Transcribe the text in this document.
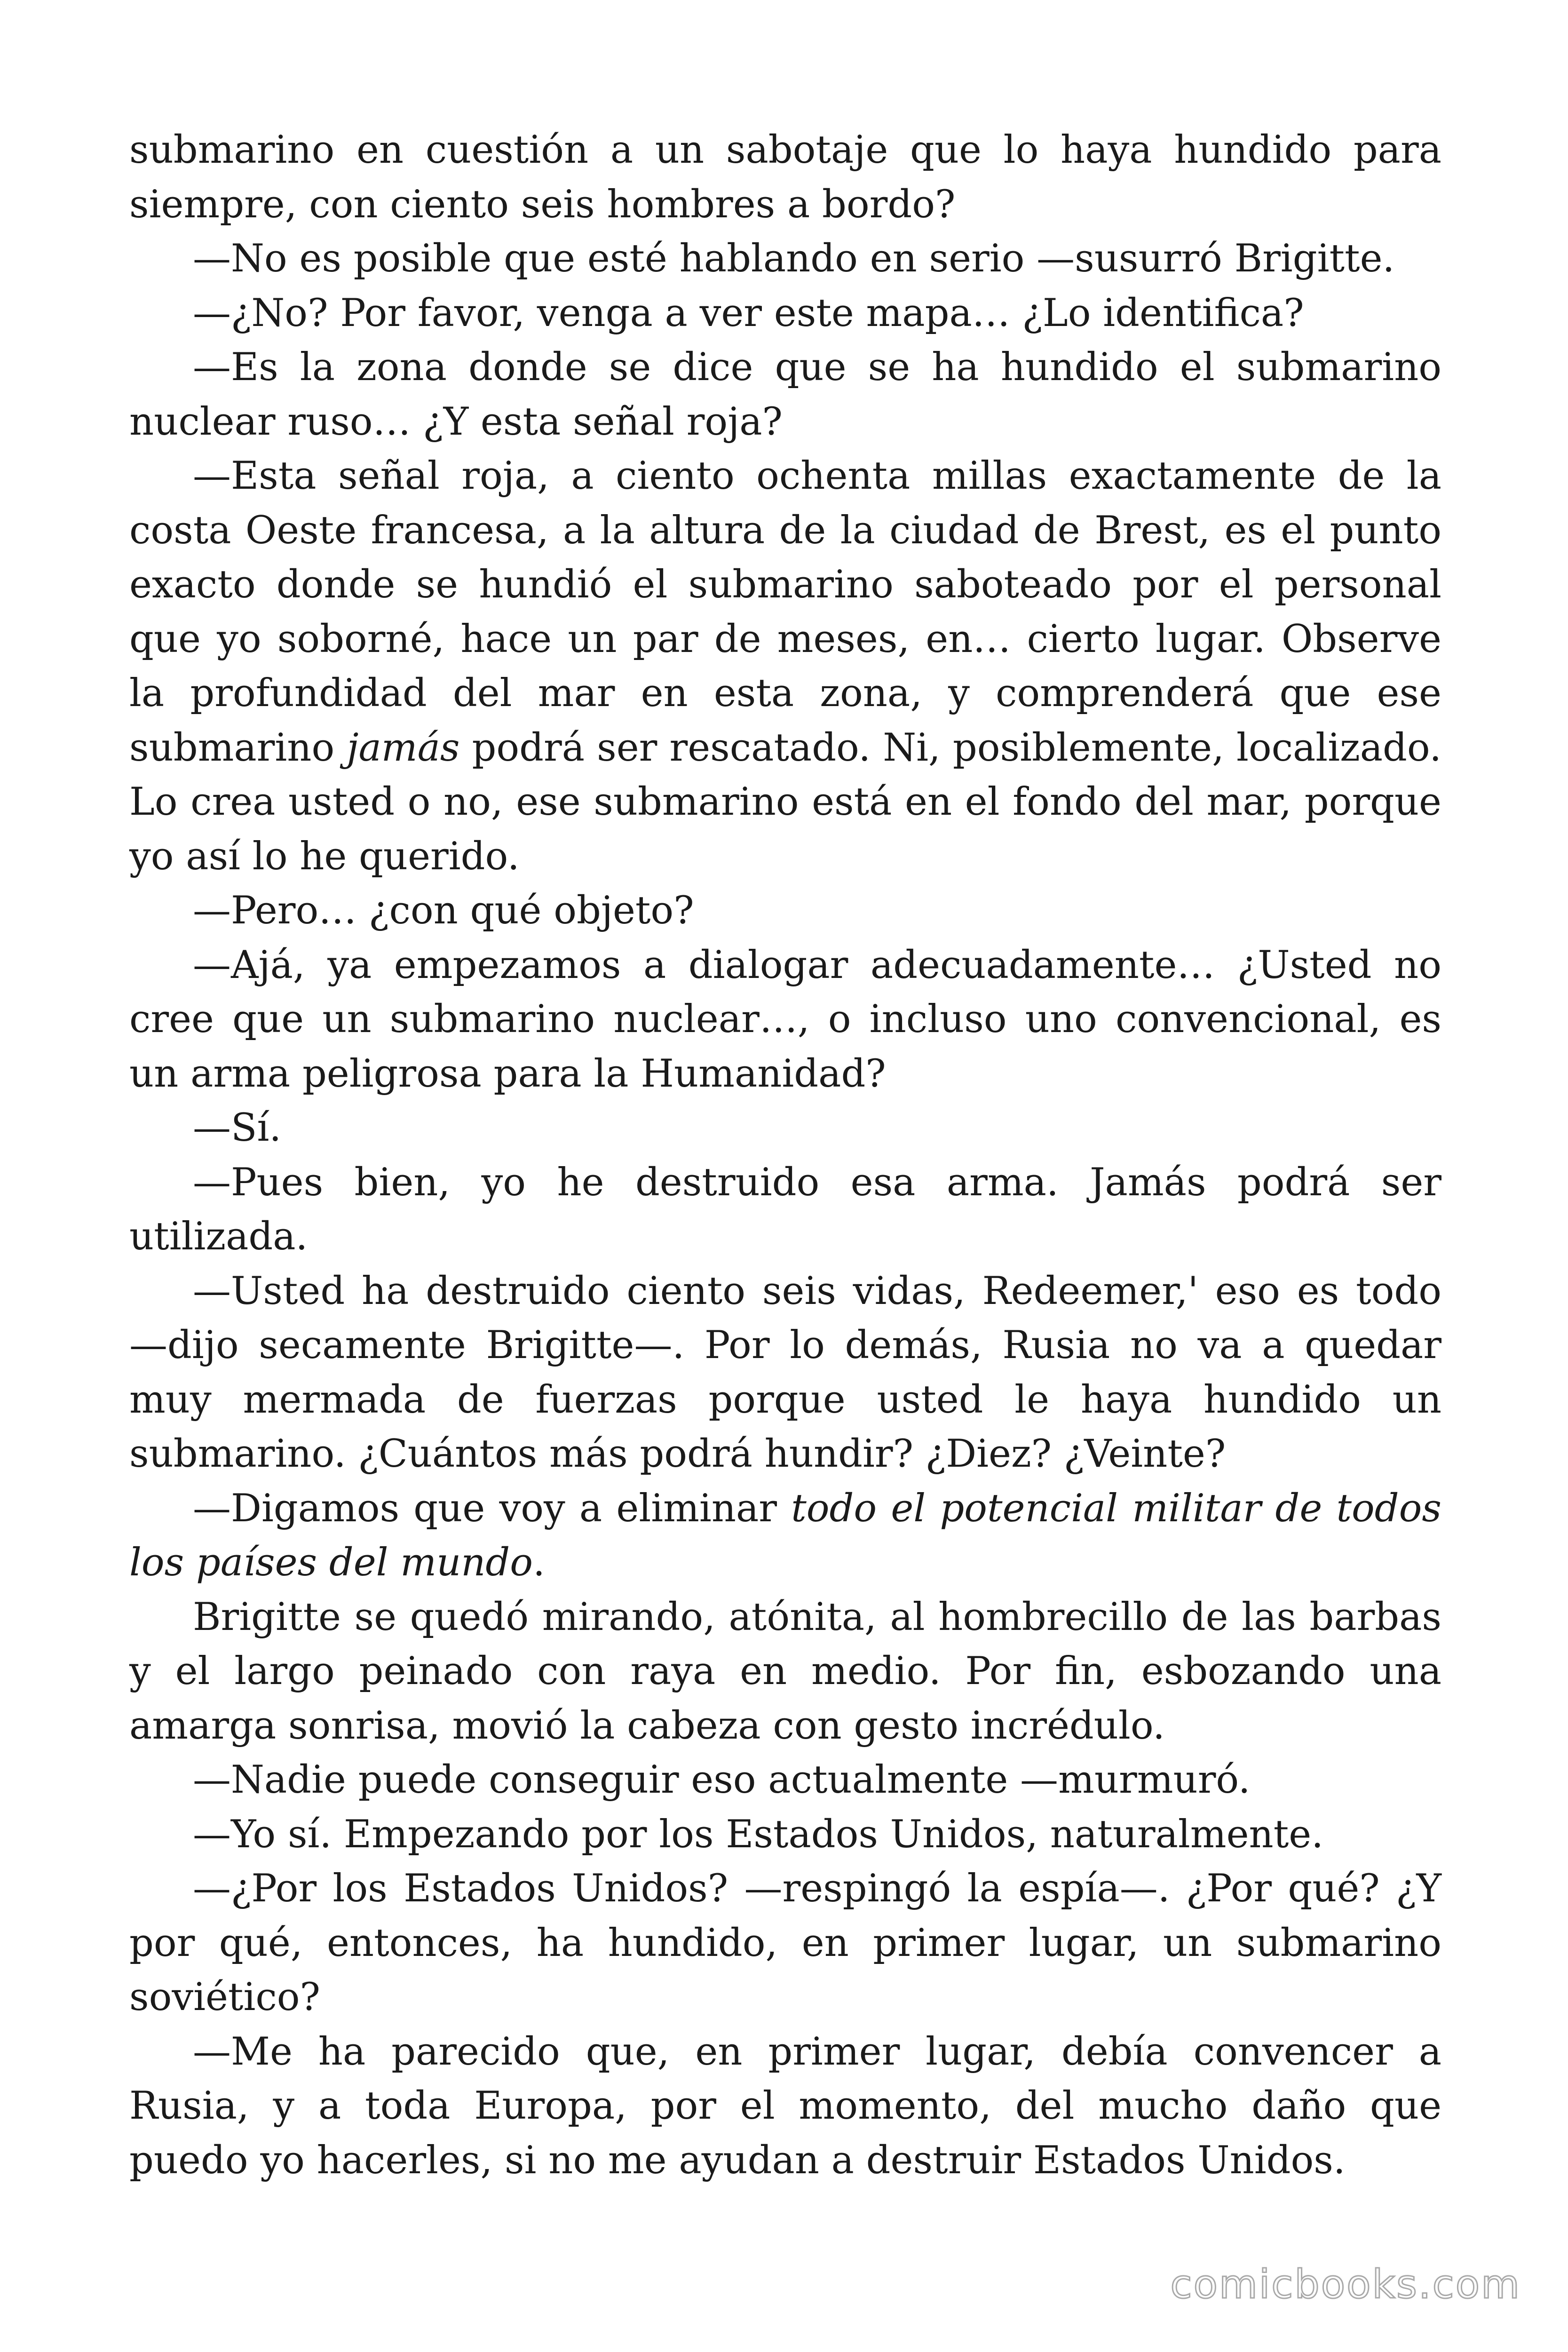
submarino en cuestión a un sabotaje que lo haya hundido para siempre, con ciento seis hombres a bordo?

—No es posible que esté hablando en serio —susurró Brigitte.

—¿No? Por favor, venga a ver este mapa… ¿Lo identifica?

—Es la zona donde se dice que se ha hundido el submarino nuclear ruso… ¿Y esta señal roja?

—Esta señal roja, a ciento ochenta millas exactamente de la costa Oeste francesa, a la altura de la ciudad de Brest, es el punto exacto donde se hundió el submarino saboteado por el personal que yo soborné, hace un par de meses, en… cierto lugar. Observe la profundidad del mar en esta zona, y comprenderá que ese submarino jamás podrá ser rescatado. Ni, posiblemente, localizado. Lo crea usted o no, ese submarino está en el fondo del mar, porque yo así lo he querido.

—Pero… ¿con qué objeto?

—Ajá, ya empezamos a dialogar adecuadamente… ¿Usted no cree que un submarino nuclear…, o incluso uno convencional, es un arma peligrosa para la Humanidad?

—Sí.

—Pues bien, yo he destruido esa arma. Jamás podrá ser utilizada.

—Usted ha destruido ciento seis vidas, Redeemer,' eso es todo —dijo secamente Brigitte—. Por lo demás, Rusia no va a quedar muy mermada de fuerzas porque usted le haya hundido un submarino. ¿Cuántos más podrá hundir? ¿Diez? ¿Veinte?

—Digamos que voy a eliminar todo el potencial militar de todos los países del mundo.

Brigitte se quedó mirando, atónita, al hombrecillo de las barbas y el largo peinado con raya en medio. Por fin, esbozando una amarga sonrisa, movió la cabeza con gesto incrédulo.

—Nadie puede conseguir eso actualmente —murmuró.

—Yo sí. Empezando por los Estados Unidos, naturalmente.

—¿Por los Estados Unidos? —respingó la espía—. ¿Por qué? ¿Y por qué, entonces, ha hundido, en primer lugar, un submarino soviético?

—Me ha parecido que, en primer lugar, debía convencer a Rusia, y a toda Europa, por el momento, del mucho daño que puedo yo hacerles, si no me ayudan a destruir Estados Unidos.

comicbooks.com
